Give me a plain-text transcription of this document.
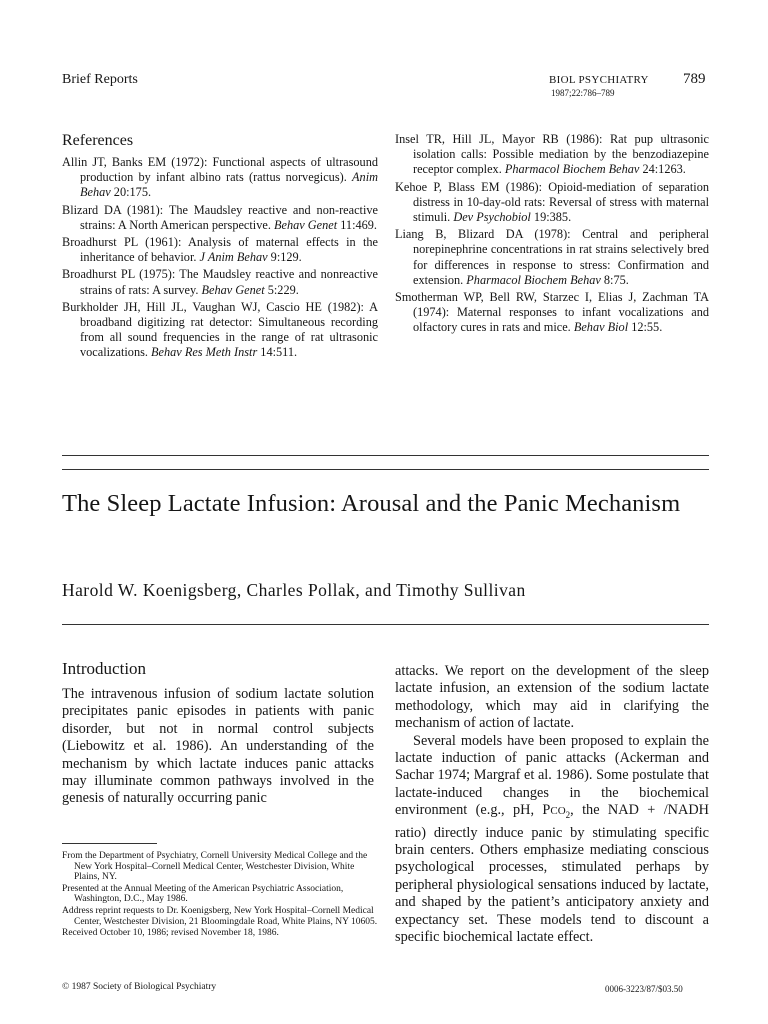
Brief Reports	BIOL PSYCHIATRY 789
1987;22:786–789
References

Allin JT, Banks EM (1972): Functional aspects of ultrasound production by infant albino rats (rattus norvegicus). Anim Behav 20:175.

Blizard DA (1981): The Maudsley reactive and non-reactive strains: A North American perspective. Behav Genet 11:469.

Broadhurst PL (1961): Analysis of maternal effects in the inheritance of behavior. J Anim Behav 9:129.

Broadhurst PL (1975): The Maudsley reactive and nonreactive strains of rats: A survey. Behav Genet 5:229.

Burkholder JH, Hill JL, Vaughan WJ, Cascio HE (1982): A broadband digitizing rat detector: Simultaneous recording from all sound frequencies in the range of rat ultrasonic vocalizations. Behav Res Meth Instr 14:511.

Insel TR, Hill JL, Mayor RB (1986): Rat pup ultrasonic isolation calls: Possible mediation by the benzodiazepine receptor complex. Pharmacol Biochem Behav 24:1263.

Kehoe P, Blass EM (1986): Opioid-mediation of separation distress in 10-day-old rats: Reversal of stress with maternal stimuli. Dev Psychobiol 19:385.

Liang B, Blizard DA (1978): Central and peripheral norepinephrine concentrations in rat strains selectively bred for differences in response to stress: Confirmation and extension. Pharmacol Biochem Behav 8:75.

Smotherman WP, Bell RW, Starzec I, Elias J, Zachman TA (1974): Maternal responses to infant vocalizations and olfactory cures in rats and mice. Behav Biol 12:55.

The Sleep Lactate Infusion: Arousal and the Panic Mechanism
Harold W. Koenigsberg, Charles Pollak, and Timothy Sullivan
Introduction

The intravenous infusion of sodium lactate solution precipitates panic episodes in patients with panic disorder, but not in normal control subjects (Liebowitz et al. 1986). An understanding of the mechanism by which lactate induces panic attacks may illuminate common pathways involved in the genesis of naturally occurring panic

attacks. We report on the development of the sleep lactate infusion, an extension of the sodium lactate methodology, which may aid in clarifying the mechanism of action of lactate.

Several models have been proposed to explain the lactate induction of panic attacks (Ackerman and Sachar 1974; Margraf et al. 1986). Some postulate that lactate-induced changes in the biochemical environment (e.g., pH, $PCO_2$, the NAD + /NADH ratio) directly induce panic by stimulating specific brain centers. Others emphasize mediating conscious psychological processes, stimulated perhaps by peripheral physiological sensations induced by lactate, and shaped by the patient’s anticipatory anxiety and expectancy set. These models tend to discount a specific biochemical lactate effect.

From the Department of Psychiatry, Cornell University Medical College and the New York Hospital–Cornell Medical Center, Westchester Division, White Plains, NY.

Presented at the Annual Meeting of the American Psychiatric Association, Washington, D.C., May 1986.

Address reprint requests to Dr. Koenigsberg, New York Hospital–Cornell Medical Center, Westchester Division, 21 Bloomingdale Road, White Plains, NY 10605.

Received October 10, 1986; revised November 18, 1986.

© 1987 Society of Biological Psychiatry	0006-3223/87/$03.50
